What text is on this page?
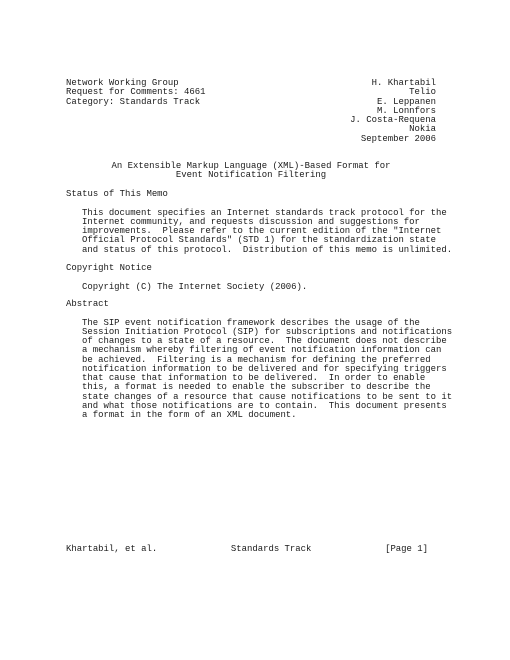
Network Working Group	H. Khartabil
Request for Comments: 4661	Telio
Category: Standards Track	E. Leppanen
M. Lonnfors
J. Costa-Requena
Nokia
September 2006
An Extensible Markup Language (XML)-Based Format for
Event Notification Filtering
Status of This Memo
This document specifies an Internet standards track protocol for the
Internet community, and requests discussion and suggestions for
improvements.  Please refer to the current edition of the "Internet
Official Protocol Standards" (STD 1) for the standardization state
and status of this protocol.  Distribution of this memo is unlimited.
Copyright Notice
Copyright (C) The Internet Society (2006).
Abstract
The SIP event notification framework describes the usage of the
Session Initiation Protocol (SIP) for subscriptions and notifications
of changes to a state of a resource.  The document does not describe
a mechanism whereby filtering of event notification information can
be achieved.  Filtering is a mechanism for defining the preferred
notification information to be delivered and for specifying triggers
that cause that information to be delivered.  In order to enable
this, a format is needed to enable the subscriber to describe the
state changes of a resource that cause notifications to be sent to it
and what those notifications are to contain.  This document presents
a format in the form of an XML document.
Khartabil, et al.	Standards Track	[Page 1]
